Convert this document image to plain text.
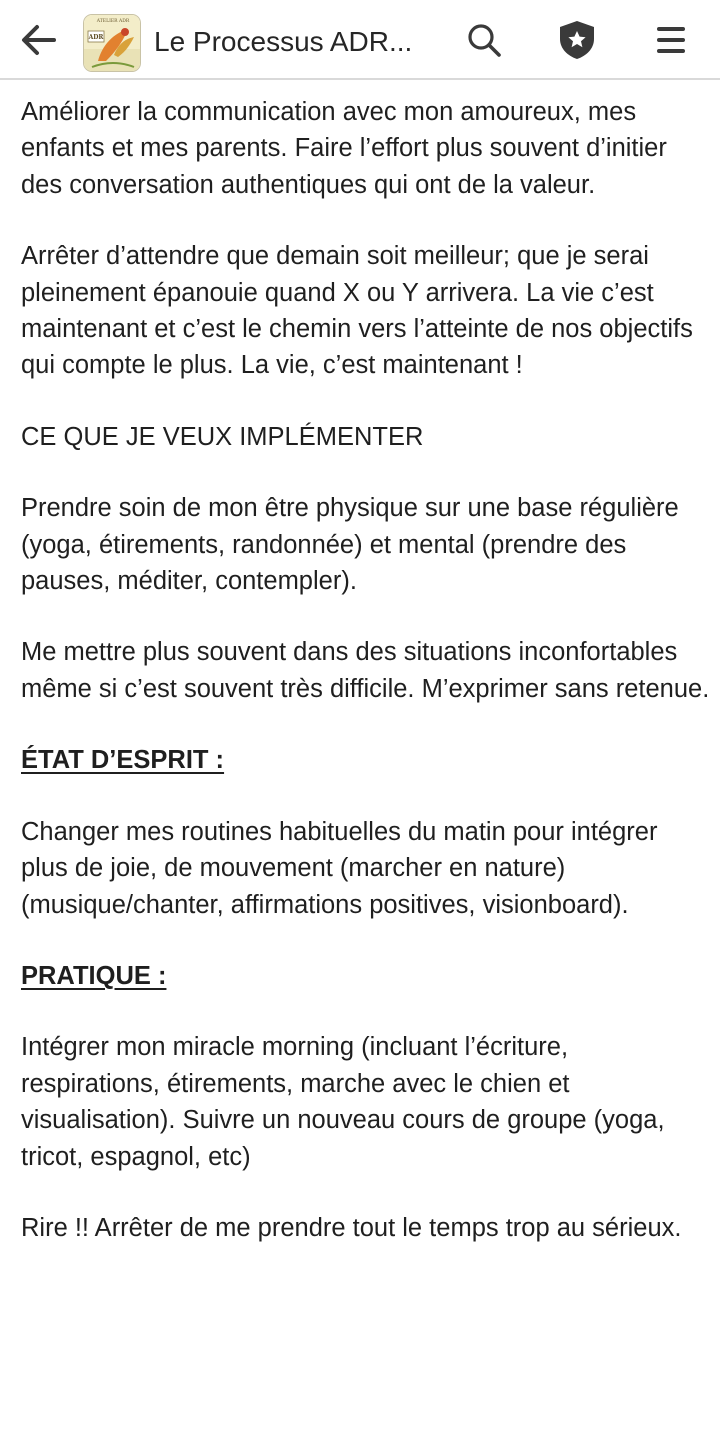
ADR
ATELIER ADR
Le Processus ADR...

Améliorer la communication avec mon amoureux, mes enfants et mes parents. Faire l’effort plus souvent d’initier des conversation authentiques qui ont de la valeur.

Arrêter d’attendre que demain soit meilleur; que je serai pleinement épanouie quand X ou Y arrivera. La vie c’est maintenant et c’est le chemin vers l’atteinte de nos objectifs qui compte le plus. La vie, c’est maintenant !

CE QUE JE VEUX IMPLÉMENTER

Prendre soin de mon être physique sur une base régulière (yoga, étirements, randonnée) et mental (prendre des pauses, méditer, contempler).

Me mettre plus souvent dans des situations inconfortables même si c’est souvent très difficile. M’exprimer sans retenue.

ÉTAT D’ESPRIT :

Changer mes routines habituelles du matin pour intégrer plus de joie, de mouvement (marcher en nature) (musique/chanter, affirmations positives, visionboard).

PRATIQUE :

Intégrer mon miracle morning (incluant l’écriture, respirations, étirements, marche avec le chien et visualisation). Suivre un nouveau cours de groupe (yoga, tricot, espagnol, etc)

Rire !! Arrêter de me prendre tout le temps trop au sérieux.
